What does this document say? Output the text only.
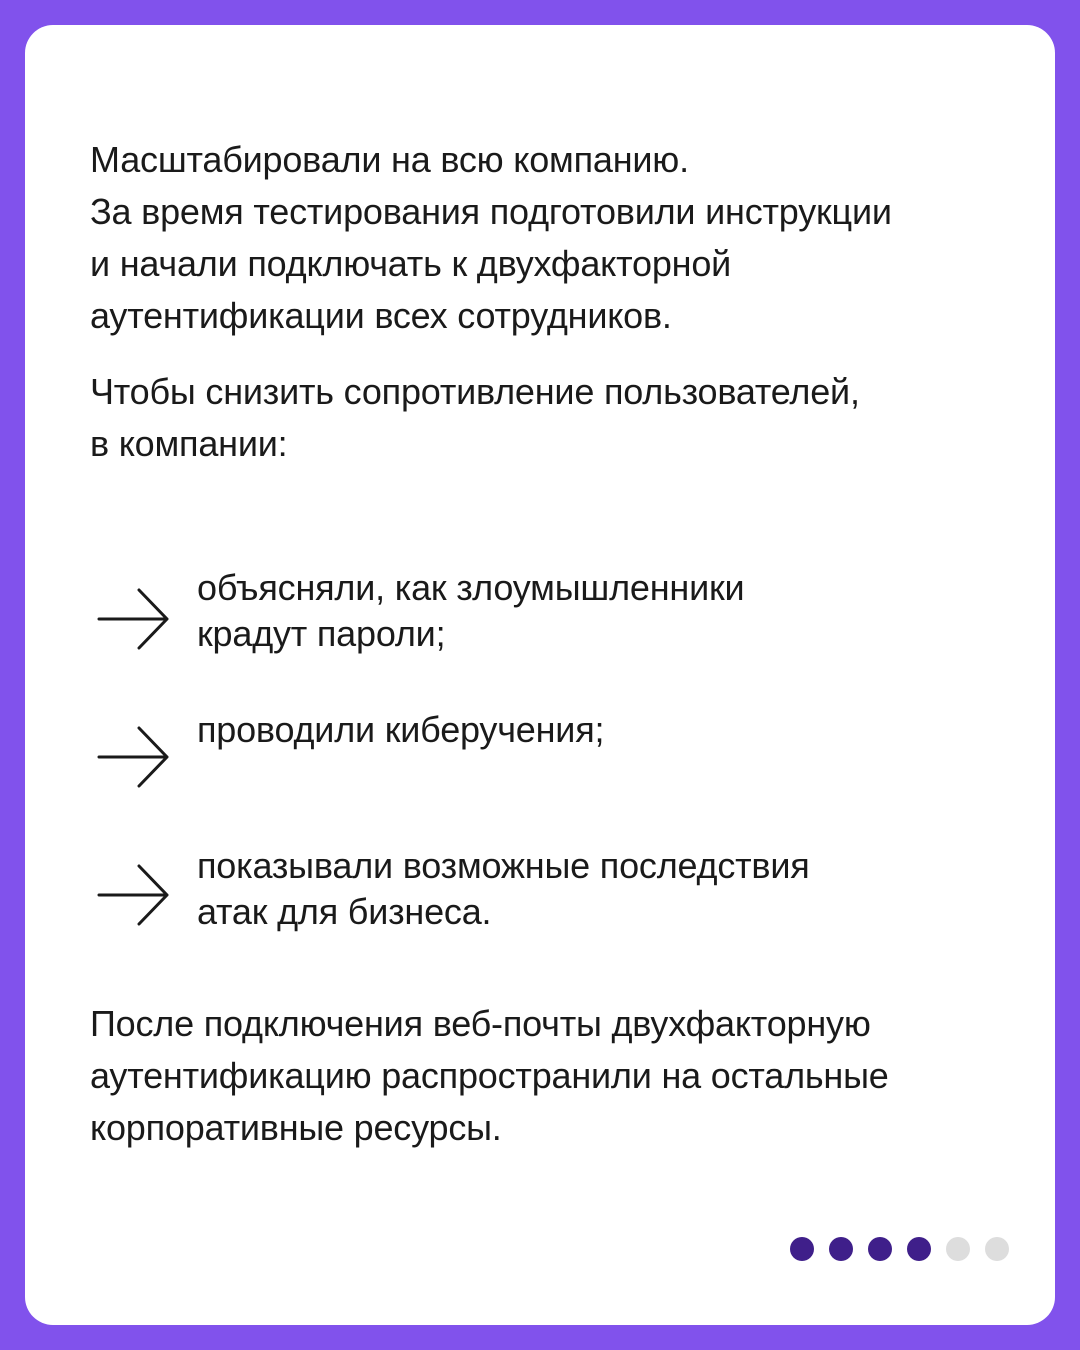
Масштабировали на всю компанию.
За время тестирования подготовили инструкции
и начали подключать к двухфакторной
аутентификации всех сотрудников.
Чтобы снизить сопротивление пользователей,
в компании:
объясняли, как злоумышленники
крадут пароли;
проводили киберучения;
показывали возможные последствия
атак для бизнеса.
После подключения веб-почты двухфакторную
аутентификацию распространили на остальные
корпоративные ресурсы.
